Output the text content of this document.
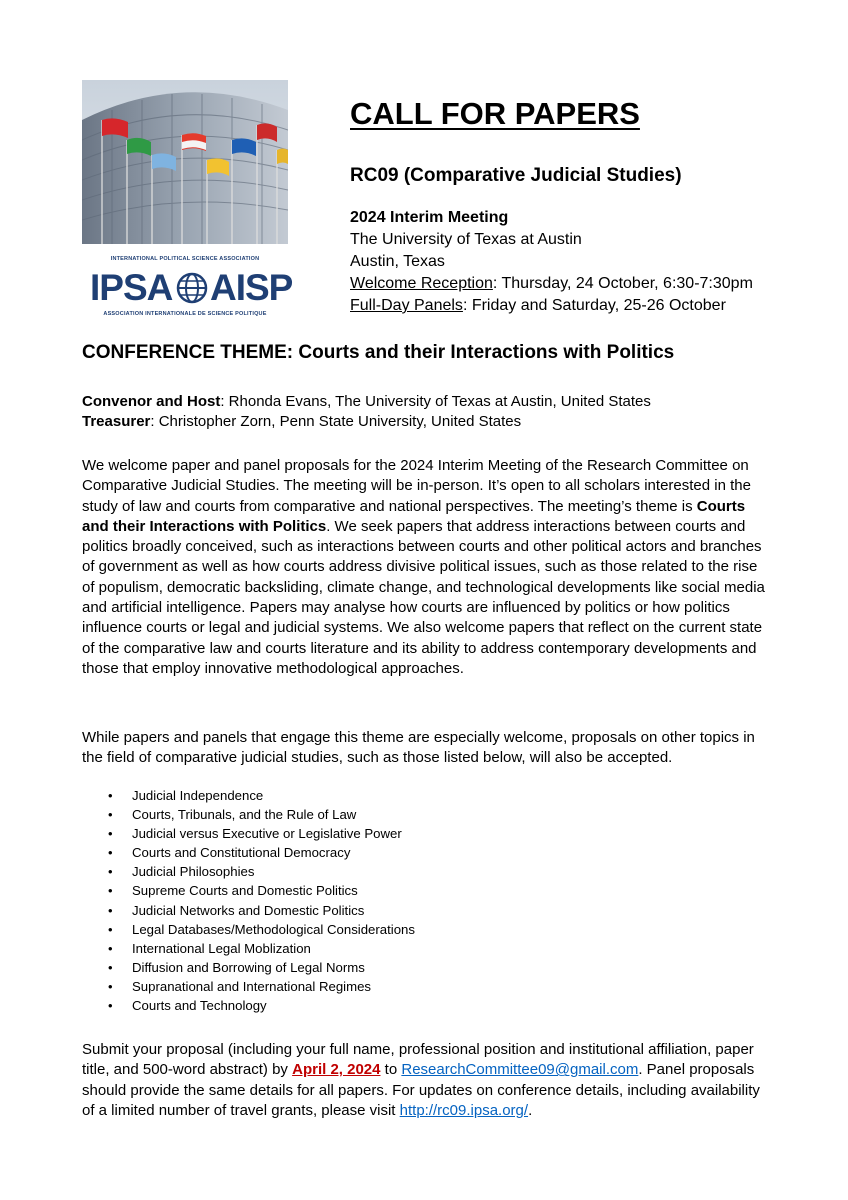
INTERNATIONAL POLITICAL SCIENCE ASSOCIATION
IPSA AISP
ASSOCIATION INTERNATIONALE DE SCIENCE POLITIQUE
CALL FOR PAPERS
RC09 (Comparative Judicial Studies)
2024 Interim Meeting
The University of Texas at Austin
Austin, Texas
Welcome Reception: Thursday, 24 October, 6:30-7:30pm
Full-Day Panels: Friday and Saturday, 25-26 October
CONFERENCE THEME: Courts and their Interactions with Politics
Convenor and Host: Rhonda Evans, The University of Texas at Austin, United States
Treasurer: Christopher Zorn, Penn State University, United States

We welcome paper and panel proposals for the 2024 Interim Meeting of the Research Committee on Comparative Judicial Studies. The meeting will be in-person. It’s open to all scholars interested in the study of law and courts from comparative and national perspectives. The meeting’s theme is Courts and their Interactions with Politics. We seek papers that address interactions between courts and politics broadly conceived, such as interactions between courts and other political actors and branches of government as well as how courts address divisive political issues, such as those related to the rise of populism, democratic backsliding, climate change, and technological developments like social media and artificial intelligence. Papers may analyse how courts are influenced by politics or how politics influence courts or legal and judicial systems. We also welcome papers that reflect on the current state of the comparative law and courts literature and its ability to address contemporary developments and those that employ innovative methodological approaches.

While papers and panels that engage this theme are especially welcome, proposals on other topics in the field of comparative judicial studies, such as those listed below, will also be accepted.

• Judicial Independence
• Courts, Tribunals, and the Rule of Law
• Judicial versus Executive or Legislative Power
• Courts and Constitutional Democracy
• Judicial Philosophies
• Supreme Courts and Domestic Politics
• Judicial Networks and Domestic Politics
• Legal Databases/Methodological Considerations
• International Legal Moblization
• Diffusion and Borrowing of Legal Norms
• Supranational and International Regimes
• Courts and Technology

Submit your proposal (including your full name, professional position and institutional affiliation, paper title, and 500-word abstract) by April 2, 2024 to ResearchCommittee09@gmail.com. Panel proposals should provide the same details for all papers. For updates on conference details, including availability of a limited number of travel grants, please visit http://rc09.ipsa.org/.
